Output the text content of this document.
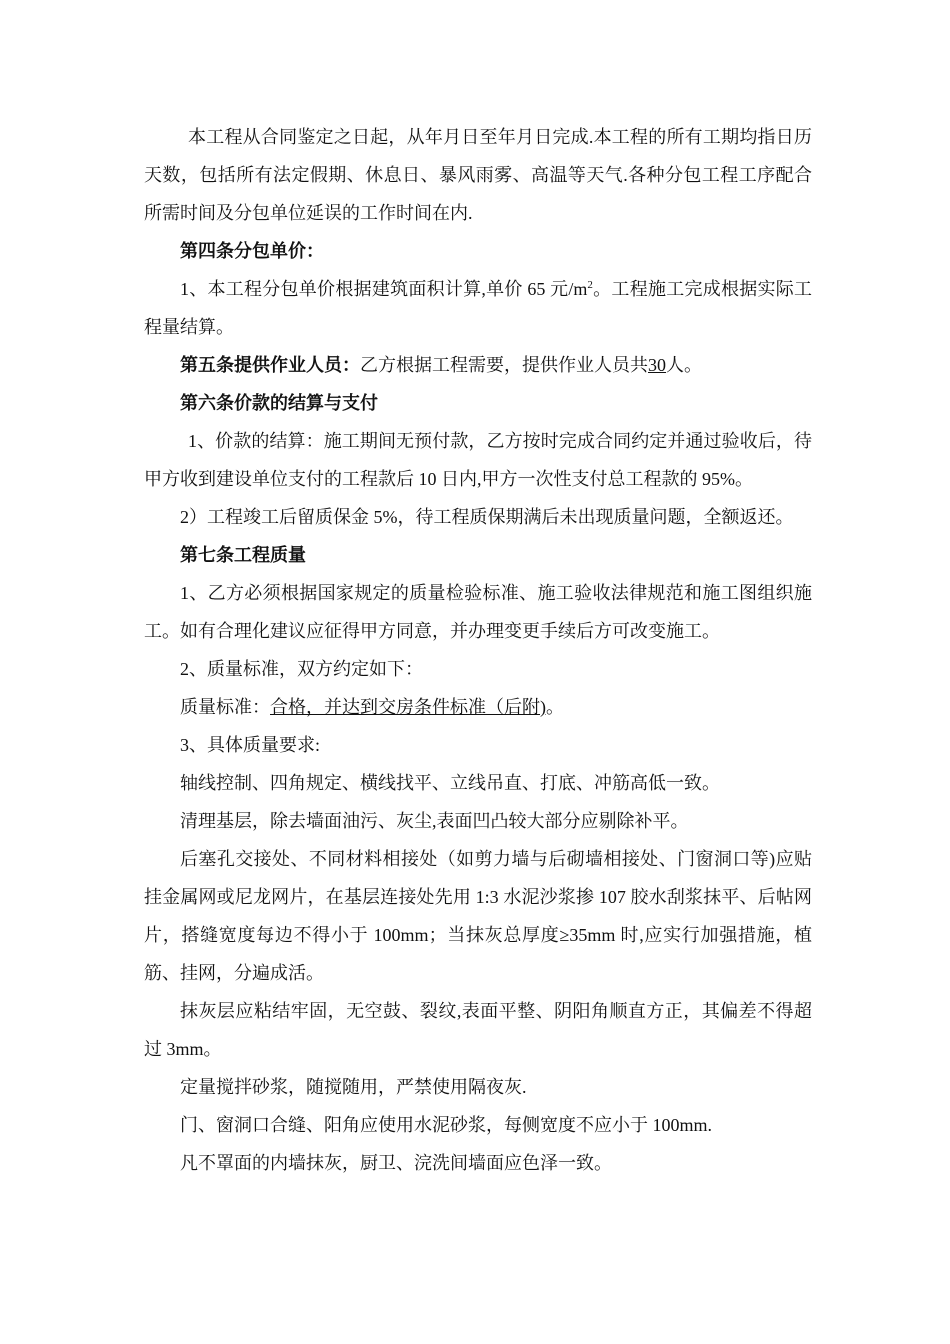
本工程从合同鉴定之日起，从年月日至年月日完成.本工程的所有工期均指日历天数，包括所有法定假期、休息日、暴风雨雾、高温等天气.各种分包工程工序配合所需时间及分包单位延误的工作时间在内.

第四条分包单价：

1、本工程分包单价根据建筑面积计算,单价 65 元$/m^2$。工程施工完成根据实际工程量结算。

第五条提供作业人员：乙方根据工程需要，提供作业人员共30人。

第六条价款的结算与支付

1、价款的结算：施工期间无预付款，乙方按时完成合同约定并通过验收后，待甲方收到建设单位支付的工程款后 10 日内,甲方一次性支付总工程款的 95%。

2）工程竣工后留质保金 5%，待工程质保期满后未出现质量问题，全额返还。

第七条工程质量

1、乙方必须根据国家规定的质量检验标准、施工验收法律规范和施工图组织施工。如有合理化建议应征得甲方同意，并办理变更手续后方可改变施工。

2、质量标准，双方约定如下：

质量标准：合格，并达到交房条件标准（后附)。

3、具体质量要求:

轴线控制、四角规定、横线找平、立线吊直、打底、冲筋高低一致。

清理基层，除去墙面油污、灰尘,表面凹凸较大部分应剔除补平。

后塞孔交接处、不同材料相接处（如剪力墙与后砌墙相接处、门窗洞口等)应贴挂金属网或尼龙网片，在基层连接处先用 1:3 水泥沙浆掺 107 胶水刮浆抹平、后帖网片，搭缝宽度每边不得小于 100mm；当抹灰总厚度≥35mm 时,应实行加强措施，植筋、挂网，分遍成活。

抹灰层应粘结牢固，无空鼓、裂纹,表面平整、阴阳角顺直方正，其偏差不得超过 3mm。

定量搅拌砂浆，随搅随用，严禁使用隔夜灰.

门、窗洞口合缝、阳角应使用水泥砂浆，每侧宽度不应小于 100mm.

凡不罩面的内墙抹灰，厨卫、浣洗间墙面应色泽一致。
